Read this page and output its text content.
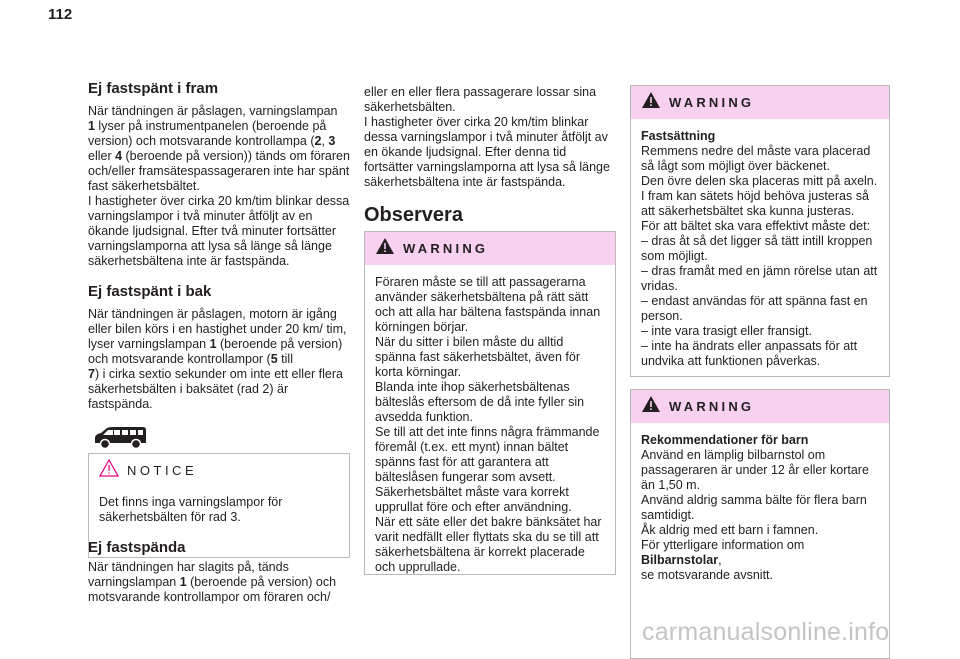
112
Ej fastspänt i fram

När tändningen är påslagen, varningslampan
1 lyser på instrumentpanelen (beroende på version) och motsvarande kontrollampa (2, 3
eller 4 (beroende på version)) tänds om föraren och/eller framsätespassageraren inte har spänt fast säkerhetsbältet.
I hastigheter över cirka 20 km/tim blinkar dessa varningslampor i två minuter åtföljt av en ökande ljudsignal. Efter två minuter fortsätter varningslamporna att lysa så länge så länge säkerhetsbältena inte är fastspända.

Ej fastspänt i bak

När tändningen är påslagen, motorn är igång eller bilen körs i en hastighet under 20 km/ tim, lyser varningslampan 1 (beroende på version) och motsvarande kontrollampor (5 till
7) i cirka sextio sekunder om inte ett eller flera säkerhetsbälten i baksätet (rad 2) är fastspända.

NOTICE

Det finns inga varningslampor för säkerhetsbälten för rad 3.

Ej fastspända

När tändningen har slagits på, tänds varningslampan 1 (beroende på version) och motsvarande kontrollampor om föraren och/

eller en eller flera passagerare lossar sina säkerhetsbälten.
I hastigheter över cirka 20 km/tim blinkar dessa varningslampor i två minuter åtföljt av en ökande ljudsignal. Efter denna tid fortsätter varningslamporna att lysa så länge säkerhetsbältena inte är fastspända.

Observera
WARNING

Föraren måste se till att passagerarna använder säkerhetsbältena på rätt sätt och att alla har bältena fastspända innan körningen börjar.
När du sitter i bilen måste du alltid spänna fast säkerhetsbältet, även för korta körningar.
Blanda inte ihop säkerhetsbältenas bälteslås eftersom de då inte fyller sin avsedda funktion.
Se till att det inte finns några främmande föremål (t.ex. ett mynt) innan bältet spänns fast för att garantera att bälteslåsen fungerar som avsett.
Säkerhetsbältet måste vara korrekt upprullat före och efter användning.
När ett säte eller det bakre bänksätet har varit nedfällt eller flyttats ska du se till att säkerhetsbältena är korrekt placerade och upprullade.

WARNING

Fastsättning

Remmens nedre del måste vara placerad så lågt som möjligt över bäckenet.
Den övre delen ska placeras mitt på axeln.
I fram kan sätets höjd behöva justeras så att säkerhetsbältet ska kunna justeras.
För att bältet ska vara effektivt måste det:
– dras åt så det ligger så tätt intill kroppen som möjligt.
– dras framåt med en jämn rörelse utan att vridas.
– endast användas för att spänna fast en person.
– inte vara trasigt eller fransigt.
– inte ha ändrats eller anpassats för att undvika att funktionen påverkas.

WARNING

Rekommendationer för barn

Använd en lämplig bilbarnstol om passageraren är under 12 år eller kortare än 1,50 m.
Använd aldrig samma bälte för flera barn samtidigt.
Åk aldrig med ett barn i famnen.
För ytterligare information om Bilbarnstolar,
se motsvarande avsnitt.

carmanualsonline.info
